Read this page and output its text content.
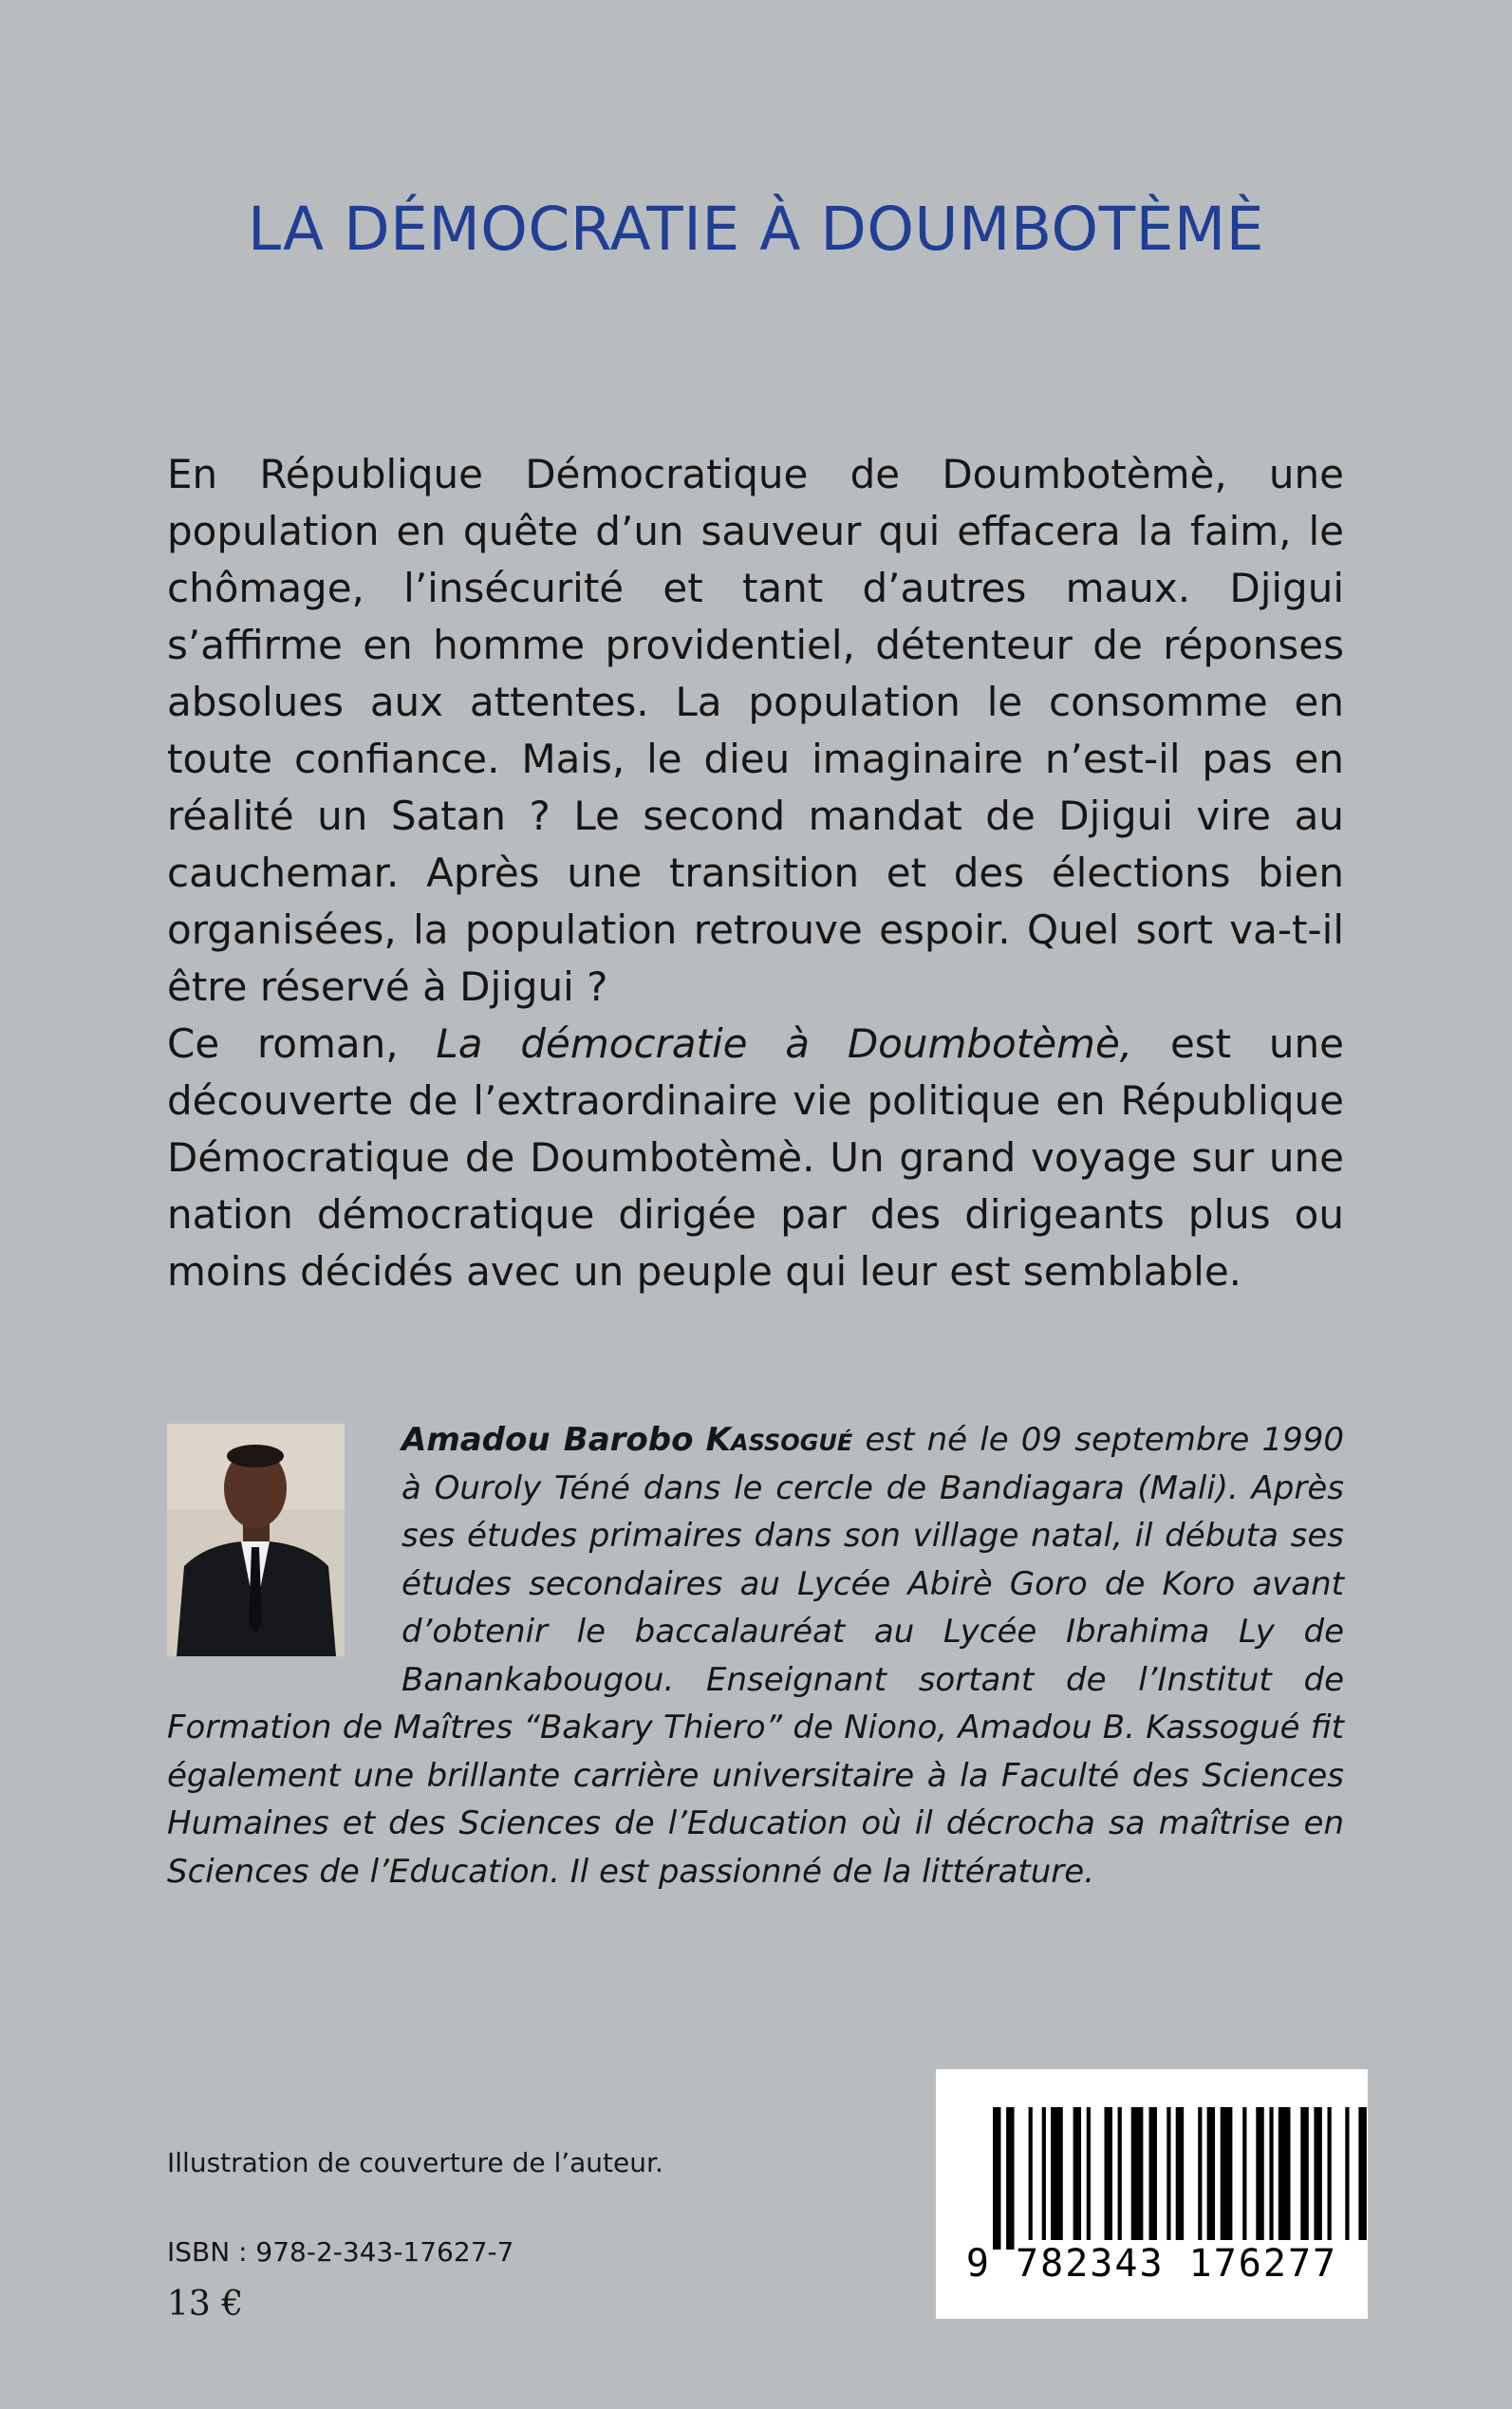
LA DÉMOCRATIE À DOUMBOTÈMÈ

En République Démocratique de Doumbotèmè, une population en quête d’un sauveur qui effacera la faim, le chômage, l’insécurité et tant d’autres maux. Djigui s’affirme en homme providentiel, détenteur de réponses absolues aux attentes. La population le consomme en toute confiance. Mais, le dieu imaginaire n’est-il pas en réalité un Satan ? Le second mandat de Djigui vire au cauchemar. Après une transition et des élections bien organisées, la population retrouve espoir. Quel sort va-t-il être réservé à Djigui ?

Ce roman, La démocratie à Doumbotèmè, est une découverte de l’extraordinaire vie politique en République Démocratique de Doumbotèmè. Un grand voyage sur une nation démocratique dirigée par des dirigeants plus ou moins décidés avec un peuple qui leur est semblable.

Amadou Barobo Kassogué est né le 09 septembre 1990 à Ouroly Téné dans le cercle de Bandiagara (Mali). Après ses études primaires dans son village natal, il débuta ses études secondaires au Lycée Abirè Goro de Koro avant d’obtenir le baccalauréat au Lycée Ibrahima Ly de Banankabougou. Enseignant sortant de l’Institut de Formation de Maîtres “Bakary Thiero” de Niono, Amadou B. Kassogué fit également une brillante carrière universitaire à la Faculté des Sciences Humaines et des Sciences de l’Education où il décrocha sa maîtrise en Sciences de l’Education. Il est passionné de la littérature.

Illustration de couverture de l’auteur.

ISBN : 978-2-343-17627-7

13 €

9 782343 176277
